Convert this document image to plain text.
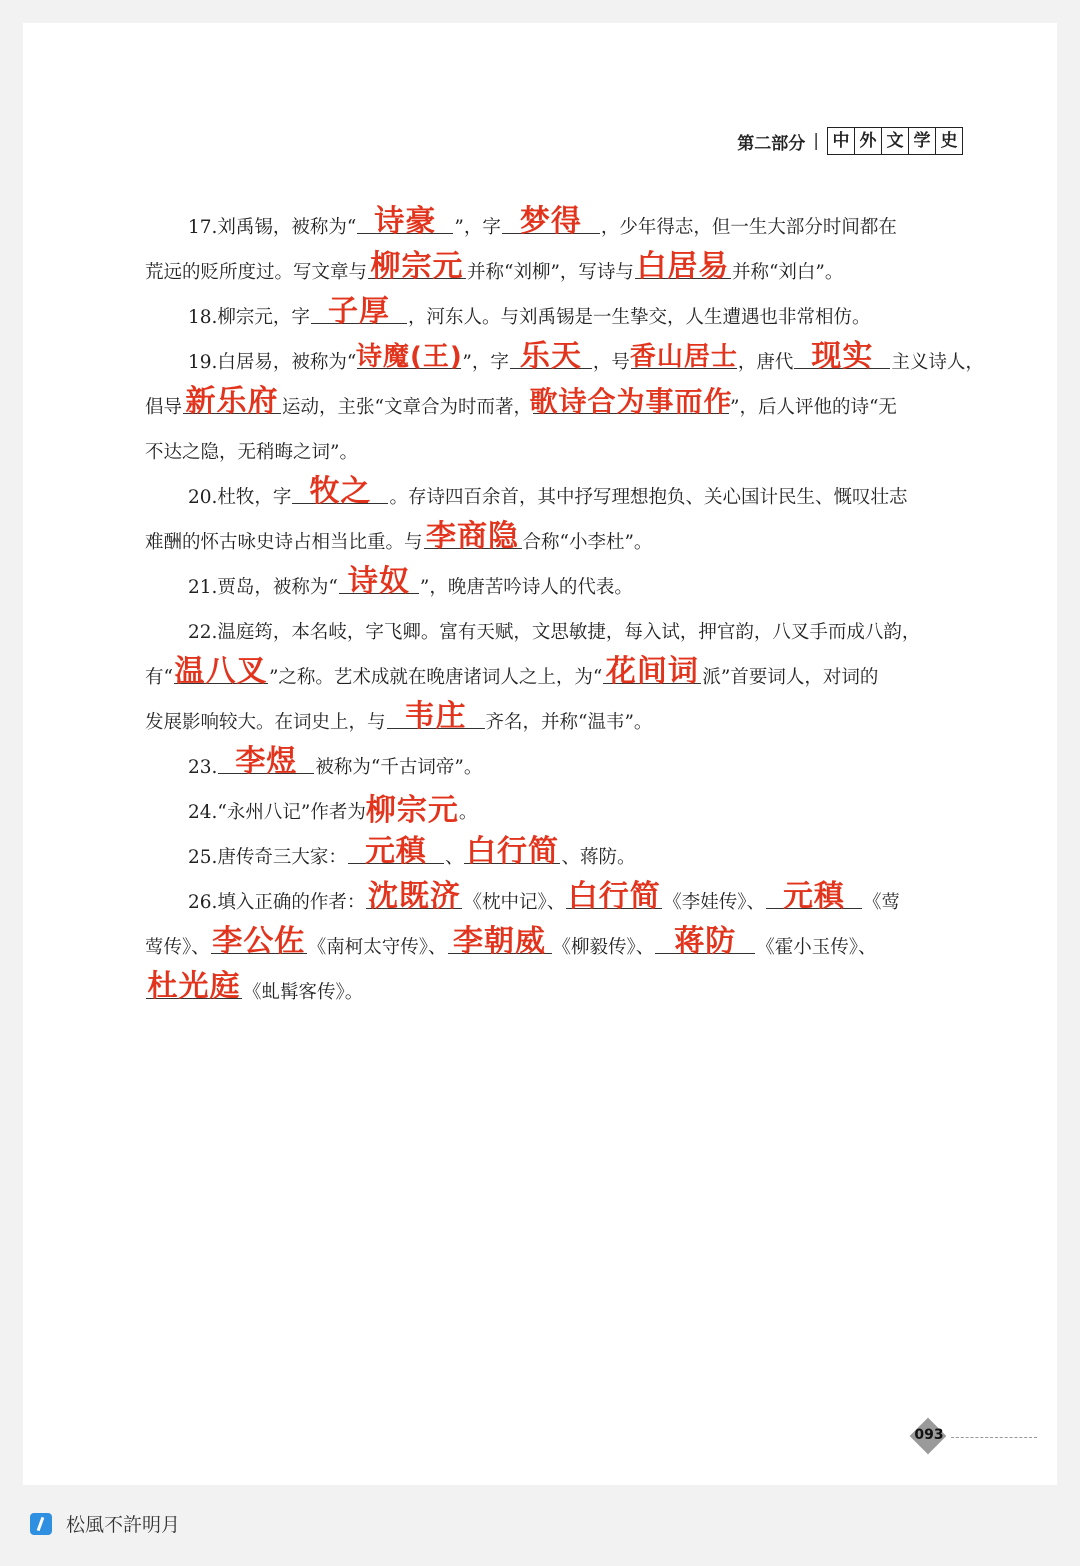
第二部分 | 中 外 文 学 史
17.刘禹锡，被称为“ 诗豪 ”，字 梦得 ，少年得志，但一生大部分时间都在
荒远的贬所度过。写文章与 柳宗元 并称“刘柳”，写诗与 白居易 并称“刘白”。
18.柳宗元，字 子厚 ，河东人。与刘禹锡是一生挚交，人生遭遇也非常相仿。
19.白居易，被称为“ 诗魔(王) ”，字 乐天 ，号 香山居士 ，唐代 现实 主义诗人，
倡导 新乐府 运动，主张“文章合为时而著，
歌诗合为事而作
”，后人评他的诗“无
不达之隐，无稍晦之词”。
20.杜牧，字 牧之 。存诗四百余首，其中抒写理想抱负、关心国计民生、慨叹壮志
难酬的怀古咏史诗占相当比重。与 李商隐 合称“小李杜”。
21.贾岛，被称为“ 诗奴 ”，晚唐苦吟诗人的代表。
22.温庭筠，本名岐，字飞卿。富有天赋，文思敏捷，每入试，押官韵，八叉手而成八韵，
有“ 温八叉 ”之称。艺术成就在晚唐诸词人之上，为“ 花间词 派”首要词人，对词的
发展影响较大。在词史上，与 韦庄 齐名，并称“温韦”。
23. 李煜 被称为“千古词帝”。
24.“永州八记”作者为柳宗元。
25.唐传奇三大家： 元稹 、 白行简 、蒋防。
26.填入正确的作者： 沈既济 《枕中记》、 白行简 《李娃传》、 元稹 《莺
莺传》、 李公佐 《南柯太守传》、 李朝威 《柳毅传》、 蒋防 《霍小玉传》、
杜光庭 《虬髯客传》。
093
松風不許明月
